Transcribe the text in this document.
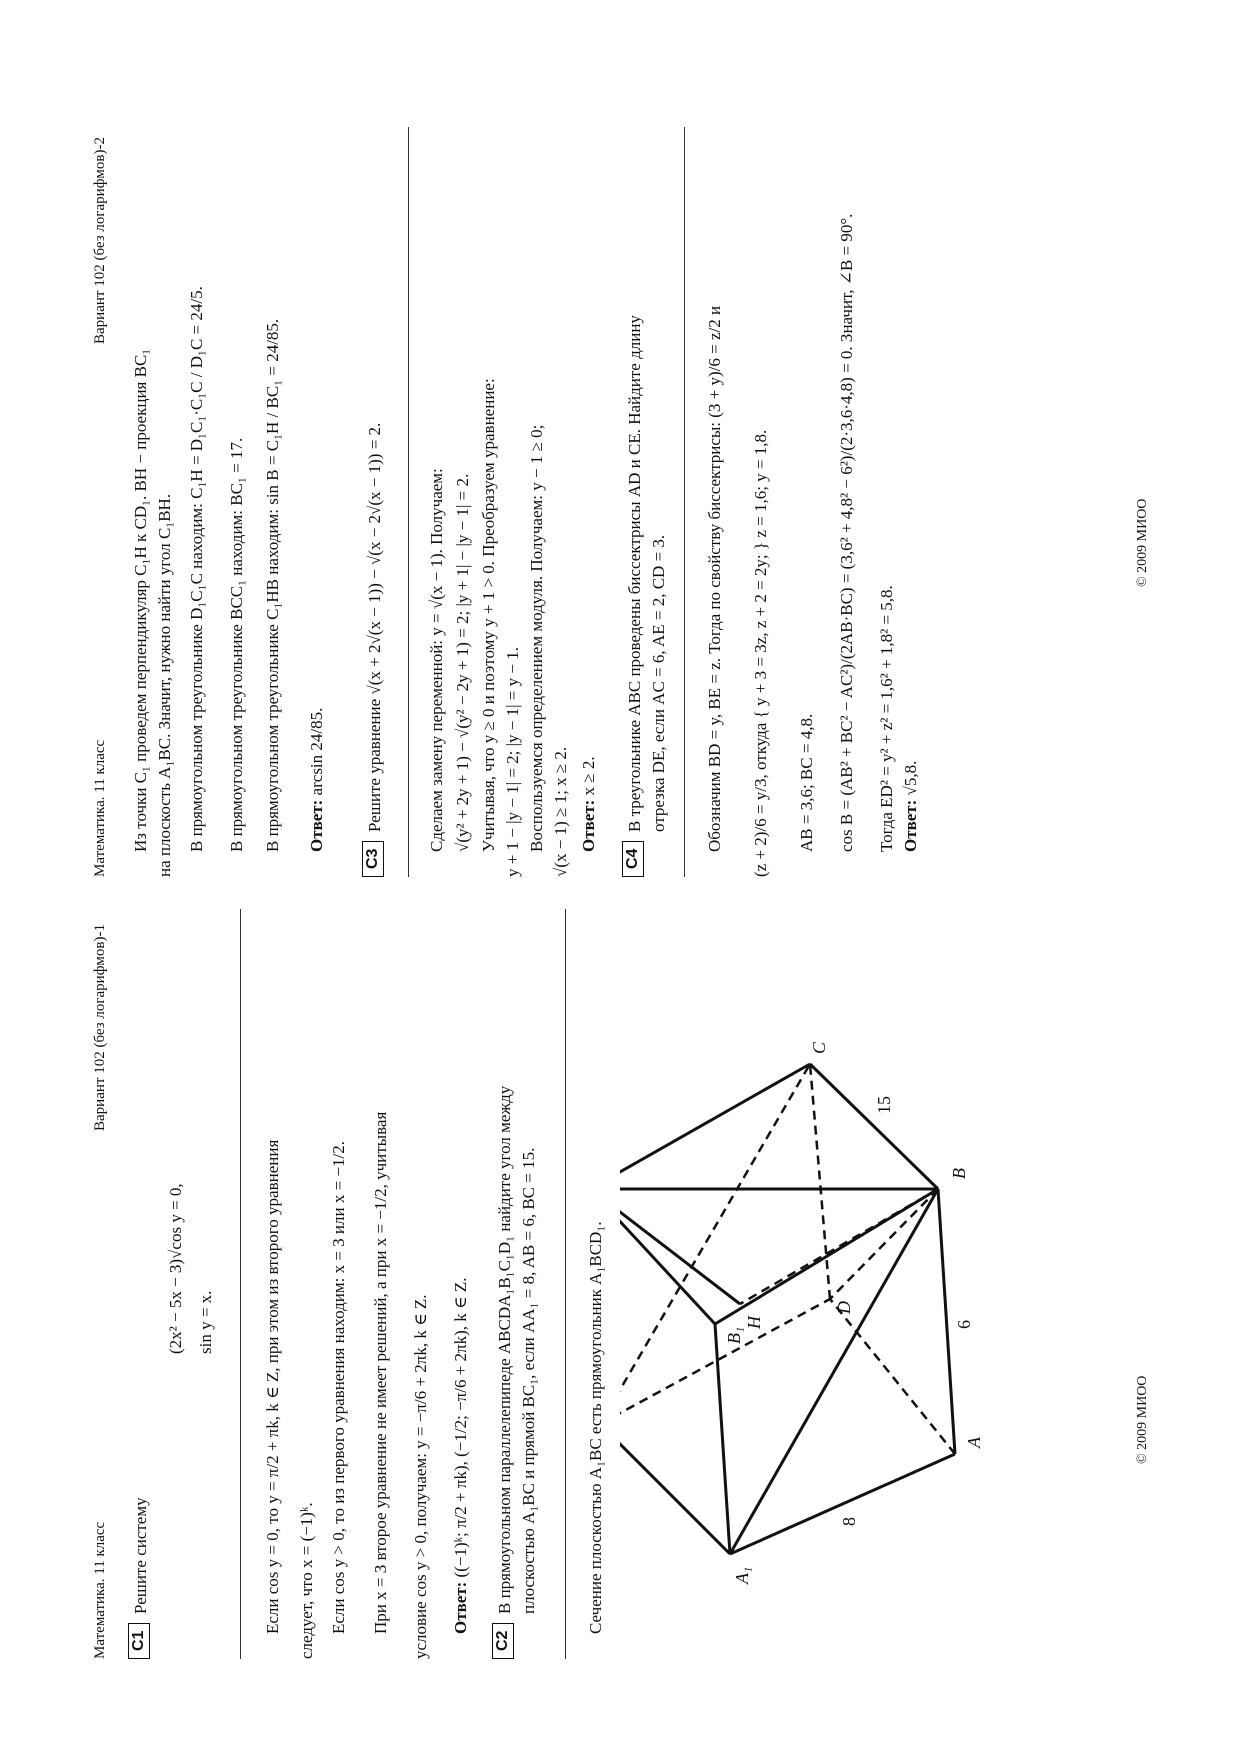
Математика. 11 класс
Вариант 102 (без логарифмов)-1
C1
Решите систему
(2x² − 5x − 3)√cos y = 0, sin y = x.	Если cos y = 0, то y = π/2 + πk, k ∈ Z, при этом из второго уравнения следует, что x = (−1)ᵏ. Если cos y > 0, то из первого уравнения находим: x = 3 или x = −1/2. При x = 3 второе уравнение не имеет решений, а при x = −1/2, учитывая условие cos y > 0, получаем: y = −π/6 + 2πk, k ∈ Z. Ответ: ((−1)ᵏ; π/2 + πk), (−1/2; −π/6 + 2πk), k ∈ Z.
C2
В прямоугольном параллелепипеде ABCDA₁B₁C₁D₁ найдите угол между плоскостью A₁BC и прямой BC₁, если AA₁ = 8, AB = 6, BC = 15.	Сечение плоскостью A₁BC есть прямоугольник A₁BCD₁.	A₁
A
B
B₁
C
D
H
8
6
15
© 2009 МИОО
Математика. 11 класс
Вариант 102 (без логарифмов)-2
Из точки C₁ проведем перпендикуляр C₁H к CD₁. BH − проекция BC₁ на плоскость A₁BC. Значит, нужно найти угол C₁BH. В прямоугольном треугольнике D₁C₁C находим: C₁H = D₁C₁·C₁C / D₁C = 24/5. В прямоугольном треугольнике BCC₁ находим: BC₁ = 17. В прямоугольном треугольнике C₁HB находим: sin B = C₁H / BC₁ = 24/85. Ответ: arcsin 24/85.
C3
Решите уравнение √(x + 2√(x − 1)) − √(x − 2√(x − 1)) = 2.	Сделаем замену переменной: y = √(x − 1). Получаем: √(y² + 2y + 1) − √(y² − 2y + 1) = 2; |y + 1| − |y − 1| = 2. Учитывая, что y ≥ 0 и поэтому y + 1 > 0. Преобразуем уравнение: y + 1 − |y − 1| = 2; |y − 1| = y − 1. Воспользуемся определением модуля. Получаем: y − 1 ≥ 0; √(x − 1) ≥ 1; x ≥ 2. Ответ: x ≥ 2.
C4
В треугольнике ABC проведены биссектрисы AD и CE. Найдите длину отрезка DE, если AC = 6, AE = 2, CD = 3. Обозначим BD = y, BE = z. Тогда по свойству биссектрисы: (3 + y)/6 = z/2 и (z + 2)/6 = y/3, откуда { y + 3 = 3z, z + 2 = 2y; } z = 1,6; y = 1,8. AB = 3,6; BC = 4,8. cos B = (AB² + BC² − AC²)/(2AB·BC) = (3,6² + 4,8² − 6²)/(2·3,6·4,8) = 0. Значит, ∠B = 90°. Тогда ED² = y² + z² = 1,6² + 1,8² = 5,8. Ответ: √5,8.
© 2009 МИОО
